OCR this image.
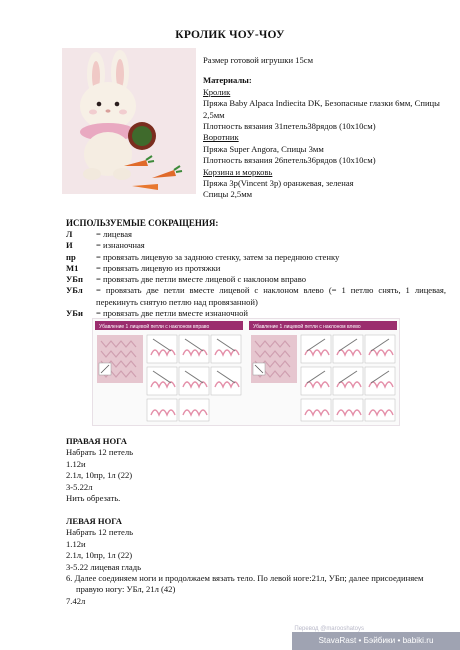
КРОЛИК ЧОУ-ЧОУ
Размер готовой игрушки 15см
Материалы:
Кролик
Пряжа Baby Alpaca Indiecita DK, Безопасные глазки 6мм, Спицы 2,5мм
Плотность вязания 31петель38рядов (10х10см)
Воротник
Пряжа Super Angora, Спицы 3мм
Плотность вязания 26петель36рядов (10х10см)
Корзина и морковь
Пряжа 3р(Vincent 3р) оранжевая, зеленая
Спицы 2,5мм
ИСПОЛЬЗУЕМЫЕ СОКРАЩЕНИЯ:
Л	= лицевая
И	= изнаночная
пр	= провязать лицевую за заднюю стенку, затем за переднюю стенку
М1	= провязать лицевую из протяжки
УБп	= провязать две петли вместе лицевой с наклоном вправо
УБл	= провязать две петли вместе лицевой с наклоном влево (= 1 петлю снять, 1 лицевая, перекинуть снятую петлю над провязанной)
УБи	= провязать две петли вместе изнаночной
Убавление 1 лицевой петли с наклоном вправо	Убавление 1 лицевой петли с наклоном влево
ПРАВАЯ НОГА
Набрать 12 петель
1.12и
2.1л, 10пр, 1л (22)
3-5.22л
Нить обрезать.
ЛЕВАЯ НОГА
Набрать 12 петель
1.12и
2.1л, 10пр, 1л (22)
3-5.22 лицевая гладь
6. Далее соединяем ноги и продолжаем вязать тело. По левой ноге:21л, УБп; далее присоединяем правую ногу: УБл, 21л (42)
7.42л
Перевод @marooshatoys
StavaRast • Бэйбики • babiki.ru
